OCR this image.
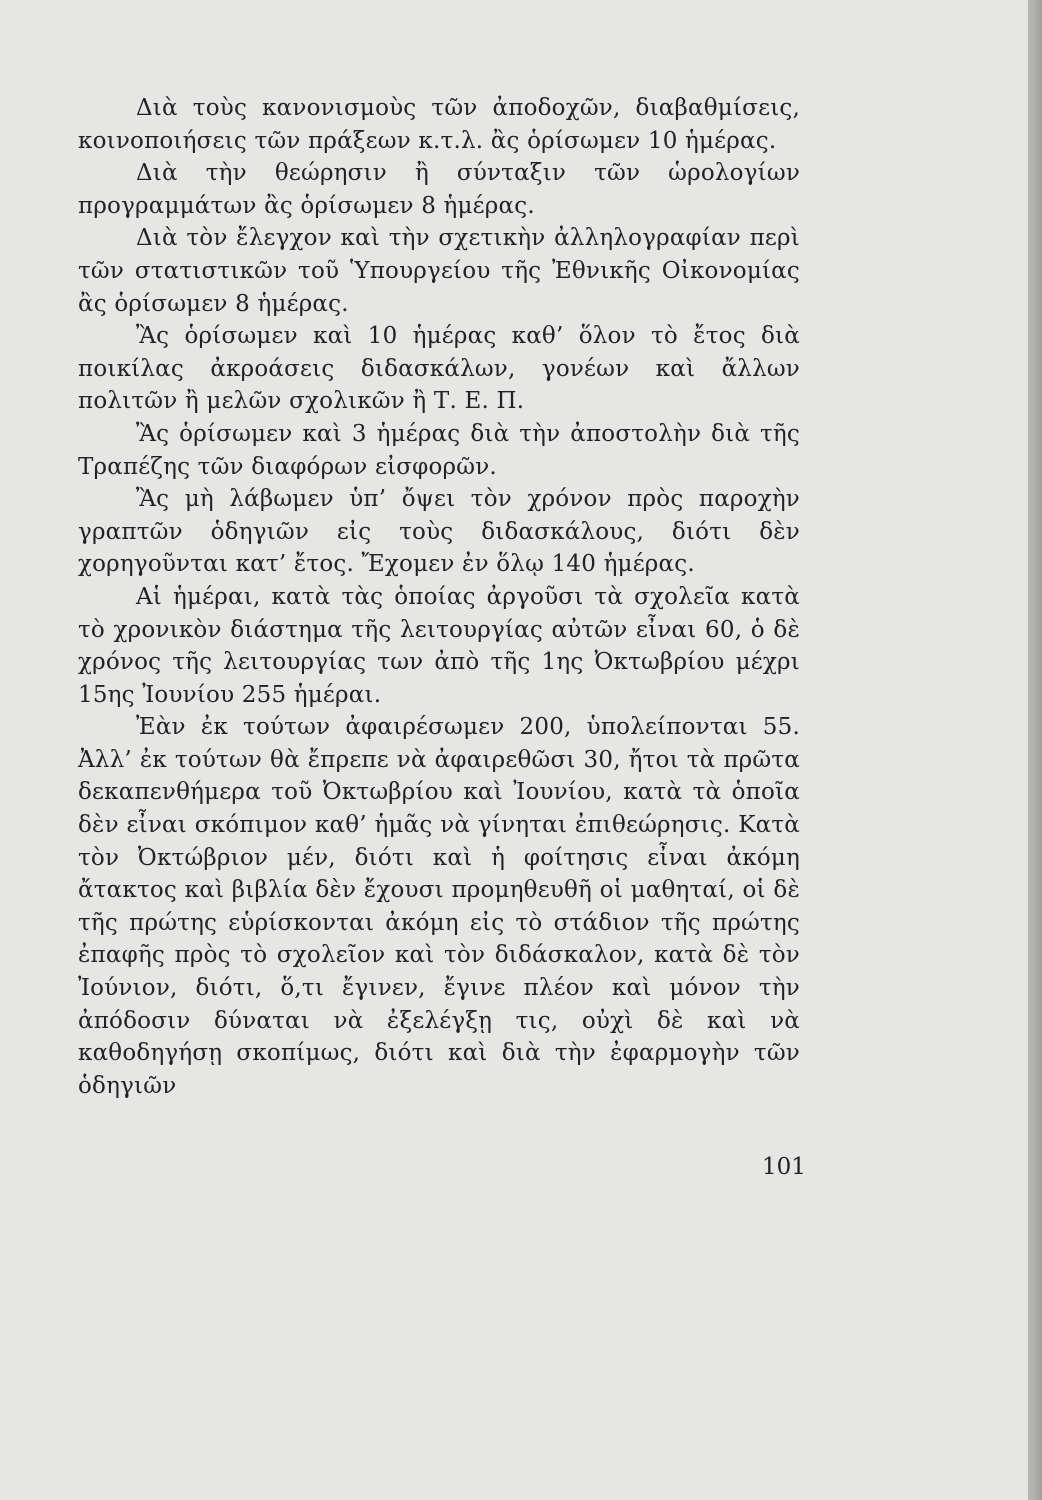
Διὰ τοὺς κανονισμοὺς τῶν ἀποδοχῶν, διαβαθμίσεις, κοινοποιήσεις τῶν πράξεων κ.τ.λ. ἂς ὁρίσωμεν 10 ἡμέρας.

Διὰ τὴν θεώρησιν ἢ σύνταξιν τῶν ὡρολογίων προγραμμάτων ἂς ὁρίσωμεν 8 ἡμέρας.

Διὰ τὸν ἔλεγχον καὶ τὴν σχετικὴν ἀλληλογραφίαν περὶ τῶν στατιστικῶν τοῦ Ὑπουργείου τῆς Ἐθνικῆς Οἰκονομίας ἂς ὁρίσωμεν 8 ἡμέρας.

Ἂς ὁρίσωμεν καὶ 10 ἡμέρας καθ’ ὅλον τὸ ἔτος διὰ ποικίλας ἀκροάσεις διδασκάλων, γονέων καὶ ἄλλων πολιτῶν ἢ μελῶν σχολικῶν ἢ Τ. Ε. Π.

Ἂς ὁρίσωμεν καὶ 3 ἡμέρας διὰ τὴν ἀποστολὴν διὰ τῆς Τραπέζης τῶν διαφόρων εἰσφορῶν.

Ἂς μὴ λάβωμεν ὑπ’ ὄψει τὸν χρόνον πρὸς παροχὴν γραπτῶν ὁδηγιῶν εἰς τοὺς διδασκάλους, διότι δὲν χορηγοῦνται κατ’ ἔτος. Ἔχομεν ἐν ὅλῳ 140 ἡμέρας.

Αἱ ἡμέραι, κατὰ τὰς ὁποίας ἀργοῦσι τὰ σχολεῖα κατὰ τὸ χρονικὸν διάστημα τῆς λειτουργίας αὐτῶν εἶναι 60, ὁ δὲ χρόνος τῆς λειτουργίας των ἀπὸ τῆς 1ης Ὀκτωβρίου μέχρι 15ης Ἰουνίου 255 ἡμέραι.

Ἐὰν ἐκ τούτων ἀφαιρέσωμεν 200, ὑπολείπονται 55. Ἀλλ’ ἐκ τούτων θὰ ἔπρεπε νὰ ἀφαιρεθῶσι 30, ἤτοι τὰ πρῶτα δεκαπενθήμερα τοῦ Ὀκτωβρίου καὶ Ἰουνίου, κατὰ τὰ ὁποῖα δὲν εἶναι σκόπιμον καθ’ ἡμᾶς νὰ γίνηται ἐπιθεώρησις. Κατὰ τὸν Ὀκτώβριον μέν, διότι καὶ ἡ φοίτησις εἶναι ἀκόμη ἄτακτος καὶ βιβλία δὲν ἔχουσι προμηθευθῆ οἱ μαθηταί, οἱ δὲ τῆς πρώτης εὑρίσκονται ἀκόμη εἰς τὸ στάδιον τῆς πρώτης ἐπαφῆς πρὸς τὸ σχολεῖον καὶ τὸν διδάσκαλον, κατὰ δὲ τὸν Ἰούνιον, διότι, ὅ,τι ἔγινεν, ἔγινε πλέον καὶ μόνον τὴν ἀπόδοσιν δύναται νὰ ἐξελέγξῃ τις, οὐχὶ δὲ καὶ νὰ καθοδηγήσῃ σκοπίμως, διότι καὶ διὰ τὴν ἐφαρμογὴν τῶν ὁδηγιῶν

101
